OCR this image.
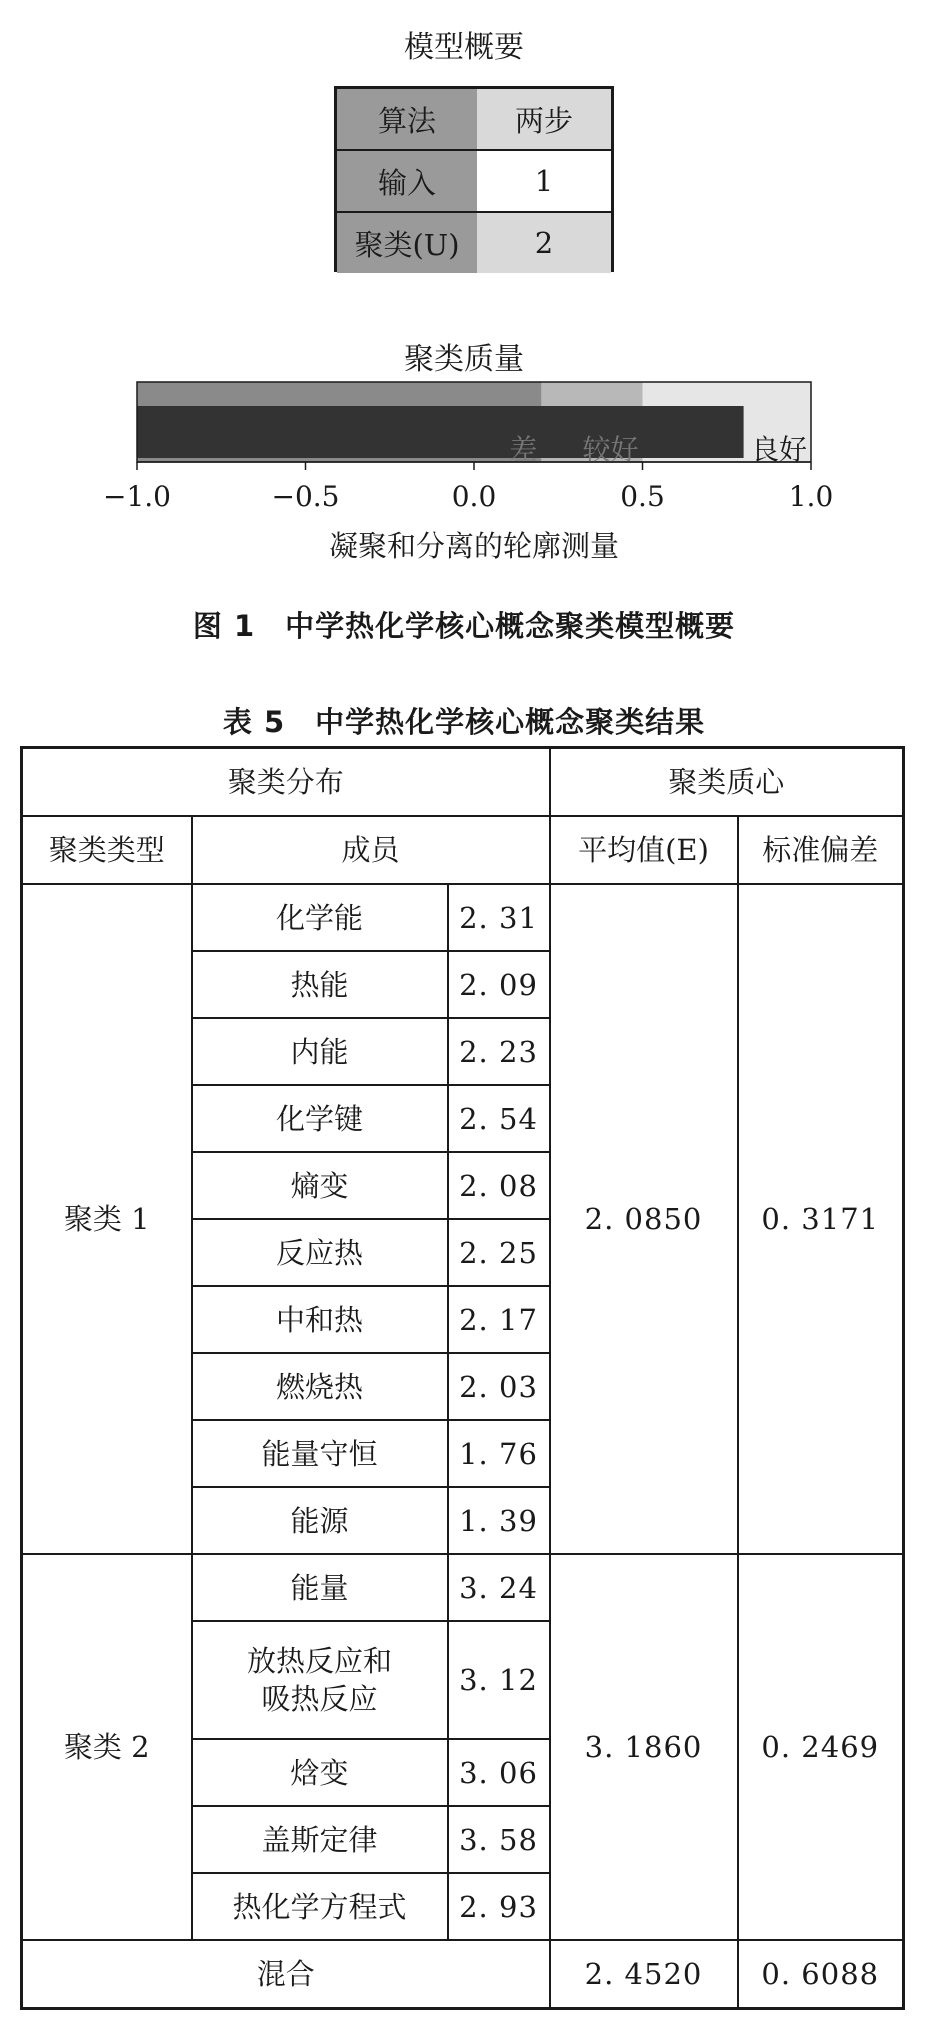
模型概要
算法	两步
输入	1
聚类(U)	2
聚类质量
差 较好	良好
−1.0	−0.5	0.0	0.5	1.0
凝聚和分离的轮廓测量
图 1　中学热化学核心概念聚类模型概要
表 5　中学热化学核心概念聚类结果
聚类分布			聚类质心	
聚类类型	成员		平均值(E)	标准偏差
聚类 1	化学能	2. 31	2. 0850	0. 3171
	热能	2. 09		
	内能	2. 23		
	化学键	2. 54		
	熵变	2. 08		
	反应热	2. 25		
	中和热	2. 17		
	燃烧热	2. 03		
	能量守恒	1. 76		
	能源	1. 39		
聚类 2	能量	3. 24	3. 1860	0. 2469
	放热反应和
吸热反应	3. 12		
	焓变	3. 06		
	盖斯定律	3. 58		
	热化学方程式	2. 93		
混合			2. 4520	0. 6088
